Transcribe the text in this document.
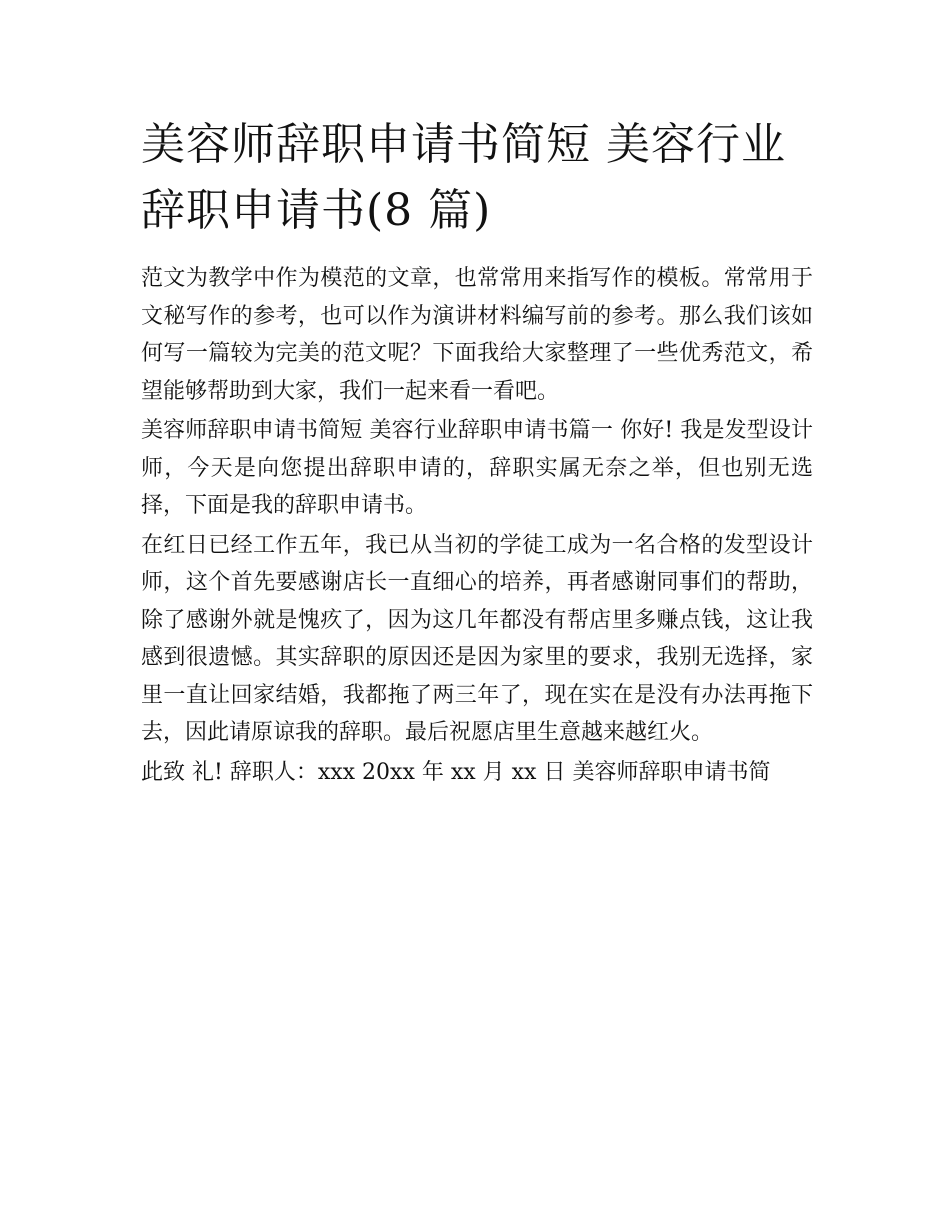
美容师辞职申请书简短 美容行业辞职申请书(8 篇)

范文为教学中作为模范的文章，也常常用来指写作的模板。常常用于文秘写作的参考，也可以作为演讲材料编写前的参考。那么我们该如何写一篇较为完美的范文呢？下面我给大家整理了一些优秀范文，希望能够帮助到大家，我们一起来看一看吧。

美容师辞职申请书简短 美容行业辞职申请书篇一 你好! 我是发型设计师，今天是向您提出辞职申请的，辞职实属无奈之举，但也别无选择，下面是我的辞职申请书。

在红日已经工作五年，我已从当初的学徒工成为一名合格的发型设计师，这个首先要感谢店长一直细心的培养，再者感谢同事们的帮助，除了感谢外就是愧疚了，因为这几年都没有帮店里多赚点钱，这让我感到很遗憾。其实辞职的原因还是因为家里的要求，我别无选择，家里一直让回家结婚，我都拖了两三年了，现在实在是没有办法再拖下去，因此请原谅我的辞职。最后祝愿店里生意越来越红火。

此致 礼! 辞职人：xxx 20xx 年 xx 月 xx 日 美容师辞职申请书简
